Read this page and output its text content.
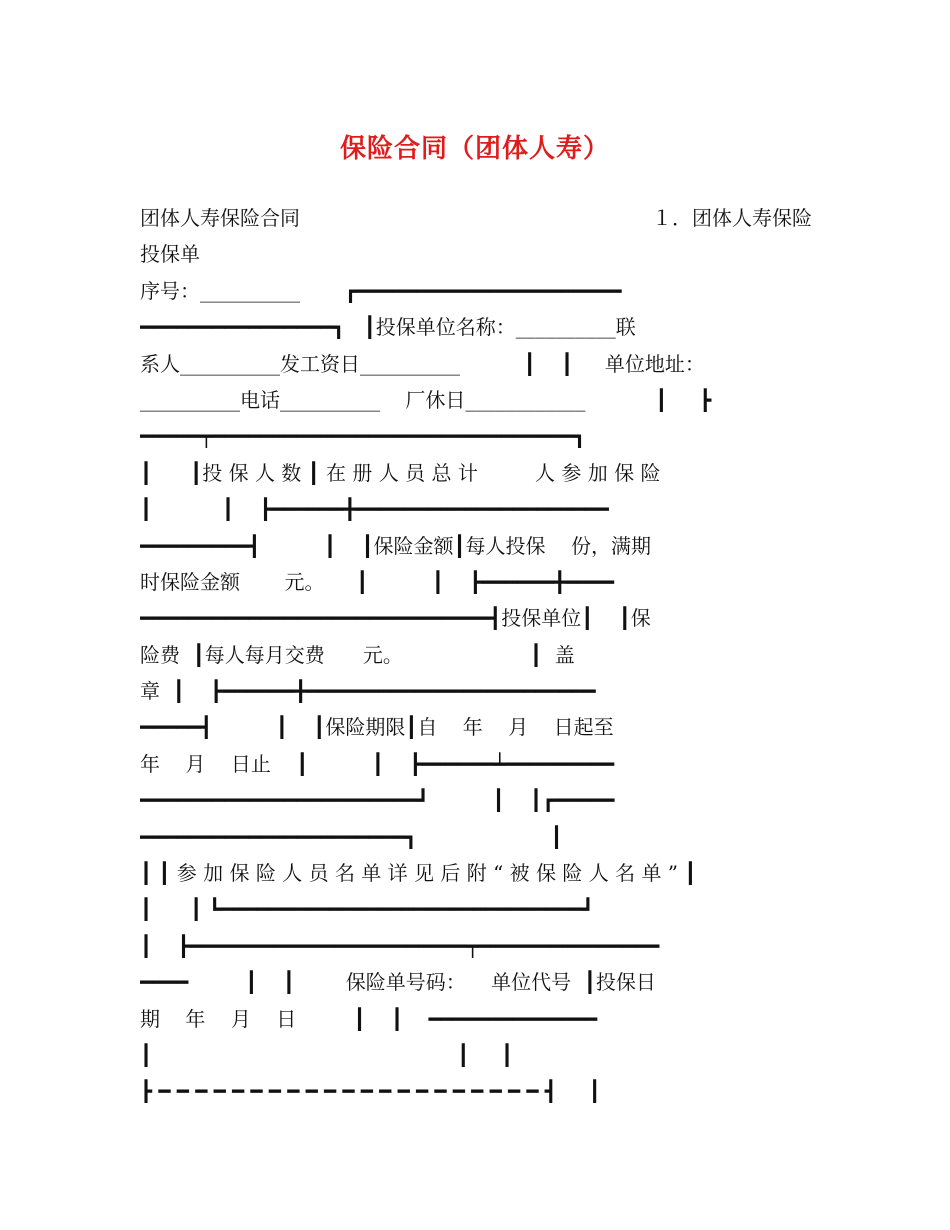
保险合同（团体人寿）
团体人寿保险合同	１．团体人寿保险
投保单
序号：__________       ┏━━━━━━━━━━━━━━━━━━━━━━
━━━━━━━━━━━━━━━━┓   ┃投保单位名称：__________联
系人__________发工资日__________          ┃    ┃     单位地址：
__________电话__________    厂休日____________           ┃     ┣
━━━━━┯━━━━━━━━━━━━━━━━━━━━━━━━━━━━━━┓
┃      ┃投 保 人 数 ┃ 在 册 人 员 总 计         人 参 加 保 险
┃           ┃    ┣━━━━━━╋━━━━━━━━━━━━━━━━━━━━━
━━━━━━━━━┫          ┃    ┃保险金额┃每人投保    份，满期
时保险金额       元。     ┃          ┃    ┣━━━━━━╋━━━━
━━━━━━━━━━━━━━━━━━━━━━━━━━━━━┫投保单位┃    ┃保
险费  ┃每人每月交费      元。                    ┃  盖
章  ┃    ┣━━━━━━╋━━━━━━━━━━━━━━━━━━━━━━━━
━━━━━┫          ┃    ┃保险期限┃自    年    月    日起至
年    月    日止    ┃          ┃    ┣━━━━━━┷━━━━━━━━━
━━━━━━━━━━━━━━━━━━━━━━━┛          ┃    ┃┏━━━━━
━━━━━━━━━━━━━━━━━━━━━━┓                     ┃
┃ ┃ 参 加 保 险 人 员 名 单 详 见 后 附 “ 被 保 险 人 名 单 ” ┃
┃      ┃ ┗━━━━━━━━━━━━━━━━━━━━━━━━━━━━━━┛
┃    ┣━━━━━━━━━━━━━━━━━━━━━━━┯━━━━━━━━━━━━━━━
━━━━         ┃    ┃        保险单号码：    单位代号  ┃投保日
期    年    月    日         ┃    ┃    ━━━━━━━━━━━━━━
┃                                                ┃     ┃
┣ ━ ━ ━ ━ ━ ━ ━ ━ ━ ━ ━ ━ ━ ━ ━ ━ ━ ━ ━ ━ ━ ┫     ┃
